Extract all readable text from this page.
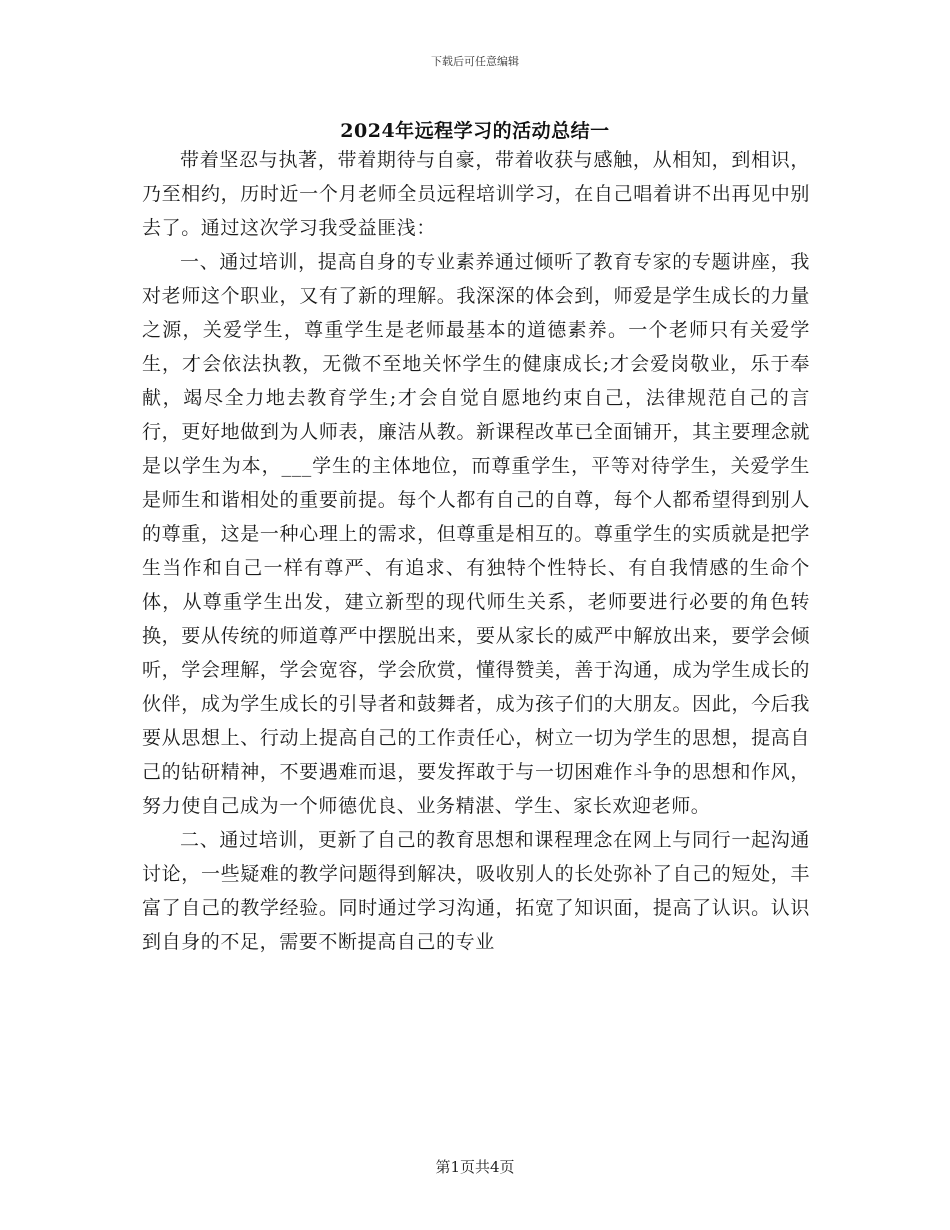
下载后可任意编辑
2024年远程学习的活动总结一

带着坚忍与执著，带着期待与自豪，带着收获与感触，从相知，到相识，乃至相约，历时近一个月老师全员远程培训学习，在自己唱着讲不出再见中别去了。通过这次学习我受益匪浅：

一、通过培训，提高自身的专业素养通过倾听了教育专家的专题讲座，我对老师这个职业，又有了新的理解。我深深的体会到，师爱是学生成长的力量之源，关爱学生，尊重学生是老师最基本的道德素养。一个老师只有关爱学生，才会依法执教，无微不至地关怀学生的健康成长;才会爱岗敬业，乐于奉献，竭尽全力地去教育学生;才会自觉自愿地约束自己，法律规范自己的言行，更好地做到为人师表，廉洁从教。新课程改革已全面铺开，其主要理念就是以学生为本，___学生的主体地位，而尊重学生，平等对待学生，关爱学生是师生和谐相处的重要前提。每个人都有自己的自尊，每个人都希望得到别人的尊重，这是一种心理上的需求，但尊重是相互的。尊重学生的实质就是把学生当作和自己一样有尊严、有追求、有独特个性特长、有自我情感的生命个体，从尊重学生出发，建立新型的现代师生关系，老师要进行必要的角色转换，要从传统的师道尊严中摆脱出来，要从家长的威严中解放出来，要学会倾听，学会理解，学会宽容，学会欣赏，懂得赞美，善于沟通，成为学生成长的伙伴，成为学生成长的引导者和鼓舞者，成为孩子们的大朋友。因此，今后我要从思想上、行动上提高自己的工作责任心，树立一切为学生的思想，提高自己的钻研精神，不要遇难而退，要发挥敢于与一切困难作斗争的思想和作风，努力使自己成为一个师德优良、业务精湛、学生、家长欢迎老师。

二、通过培训，更新了自己的教育思想和课程理念在网上与同行一起沟通讨论，一些疑难的教学问题得到解决，吸收别人的长处弥补了自己的短处，丰富了自己的教学经验。同时通过学习沟通，拓宽了知识面，提高了认识。认识到自身的不足，需要不断提高自己的专业

第1页共4页
